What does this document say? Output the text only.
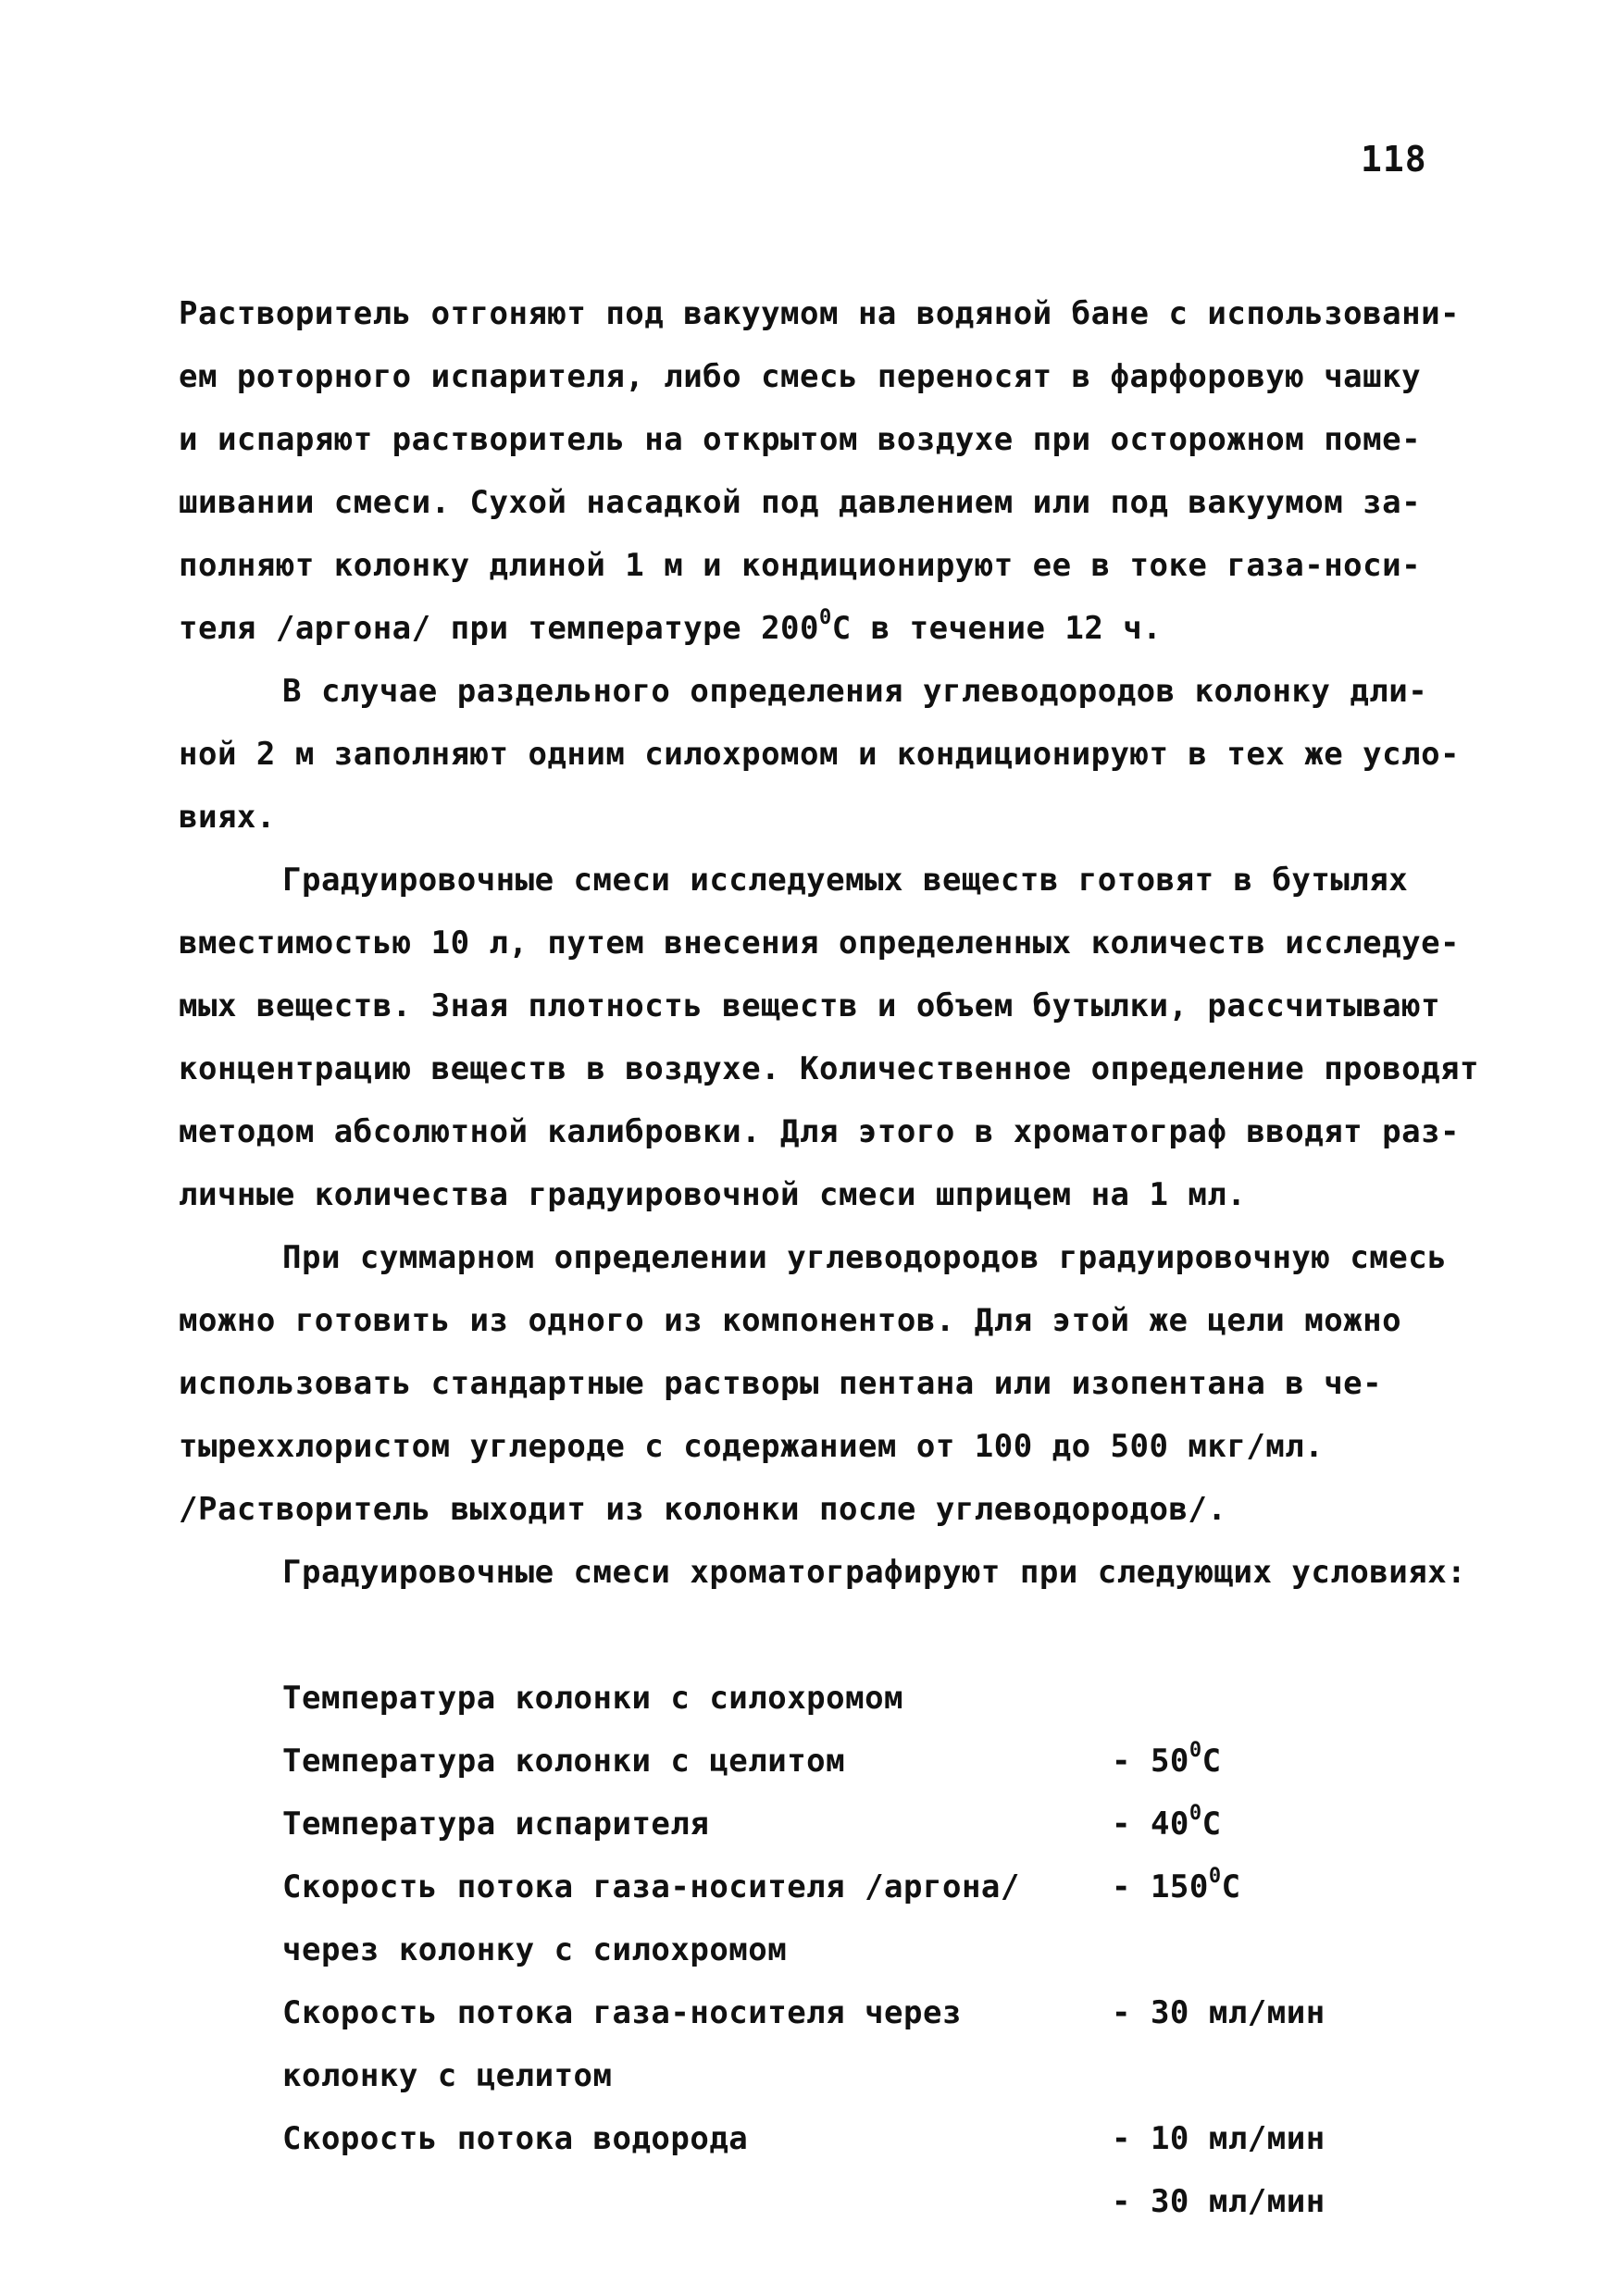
118
Растворитель отгоняют под вакуумом на водяной бане с использовани-
ем роторного испарителя, либо смесь переносят в фарфоровую чашку
и испаряют растворитель на открытом воздухе при осторожном поме-
шивании смеси. Сухой насадкой под давлением или под вакуумом за-
полняют колонку длиной 1 м и кондиционируют ее в токе газа-носи-
теля /аргона/ при температуре $200^0С$ в течение 12 ч.
В случае раздельного определения углеводородов колонку дли-
ной 2 м заполняют одним силохромом и кондиционируют в тех же усло-
виях.
Градуировочные смеси исследуемых веществ готовят в бутылях
вместимостью 10 л, путем внесения определенных количеств исследуе-
мых веществ. Зная плотность веществ и объем бутылки, рассчитывают
концентрацию веществ в воздухе. Количественное определение проводят
методом абсолютной калибровки. Для этого в хроматограф вводят раз-
личные количества градуировочной смеси шприцем на 1 мл.
При суммарном определении углеводородов градуировочную смесь
можно готовить из одного из компонентов. Для этой же цели можно
использовать стандартные растворы пентана или изопентана в че-
тыреххлористом углероде с содержанием от 100 до 500 мкг/мл.
/Растворитель выходит из колонки после углеводородов/.
Градуировочные смеси хроматографируют при следующих условиях:

Температура колонки с силохромом

- $50^0С$

Температура колонки с целитом

- $40^0С$

Температура испарителя

- $150^0С$

Скорость потока газа-носителя /аргона/

через колонку с силохромом

- 30 мл/мин

Скорость потока газа-носителя через

колонку с целитом

- 10 мл/мин

Скорость потока водорода

- 30 мл/мин
